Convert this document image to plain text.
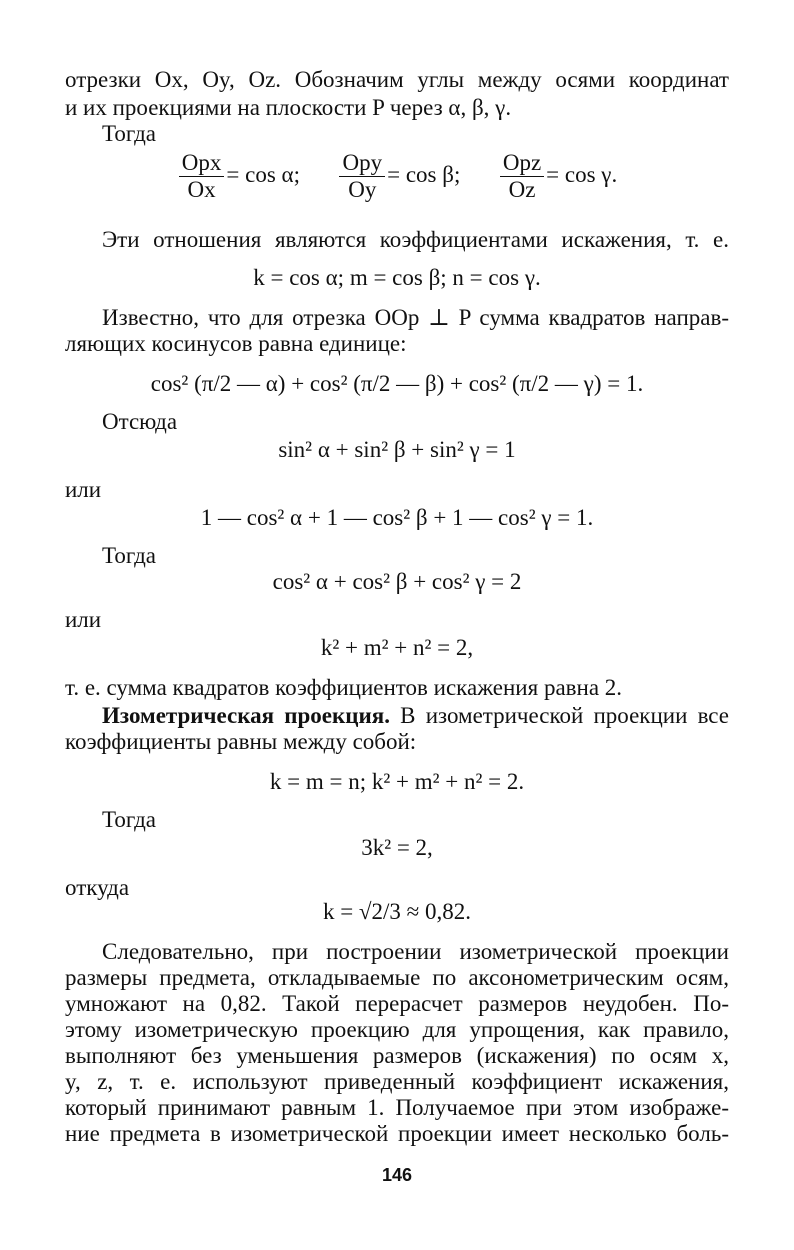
отрезки Ox, Oy, Oz. Обозначим углы между осями координат
и их проекциями на плоскости P через α, β, γ.
Тогда
$\frac{\text{Opx}}{Ox} = \cos \alpha$; $\frac{\text{Opy}}{Oy} = \cos \beta$; $\frac{\text{Opz}}{Oz} = \cos \gamma$.
Эти отношения являются коэффициентами искажения, т. е.
k = cos α; m = cos β; n = cos γ.
Известно, что для отрезка OOp ⊥ P сумма квадратов направ-
ляющих косинусов равна единице:
cos² (π/2 — α) + cos² (π/2 — β) + cos² (π/2 — γ) = 1.
Отсюда
sin² α + sin² β + sin² γ = 1
или
1 — cos² α + 1 — cos² β + 1 — cos² γ = 1.
Тогда
cos² α + cos² β + cos² γ = 2
или
k² + m² + n² = 2,
т. е. сумма квадратов коэффициентов искажения равна 2.
Изометрическая проекция. В изометрической проекции все
коэффициенты равны между собой:
k = m = n; k² + m² + n² = 2.
Тогда
3k² = 2,
откуда
k = √2/3 ≈ 0,82.
Следовательно, при построении изометрической проекции
размеры предмета, откладываемые по аксонометрическим осям,
умножают на 0,82. Такой перерасчет размеров неудобен. По-
этому изометрическую проекцию для упрощения, как правило,
выполняют без уменьшения размеров (искажения) по осям x,
y, z, т. е. используют приведенный коэффициент искажения,
который принимают равным 1. Получаемое при этом изображе-
ние предмета в изометрической проекции имеет несколько боль-
146
